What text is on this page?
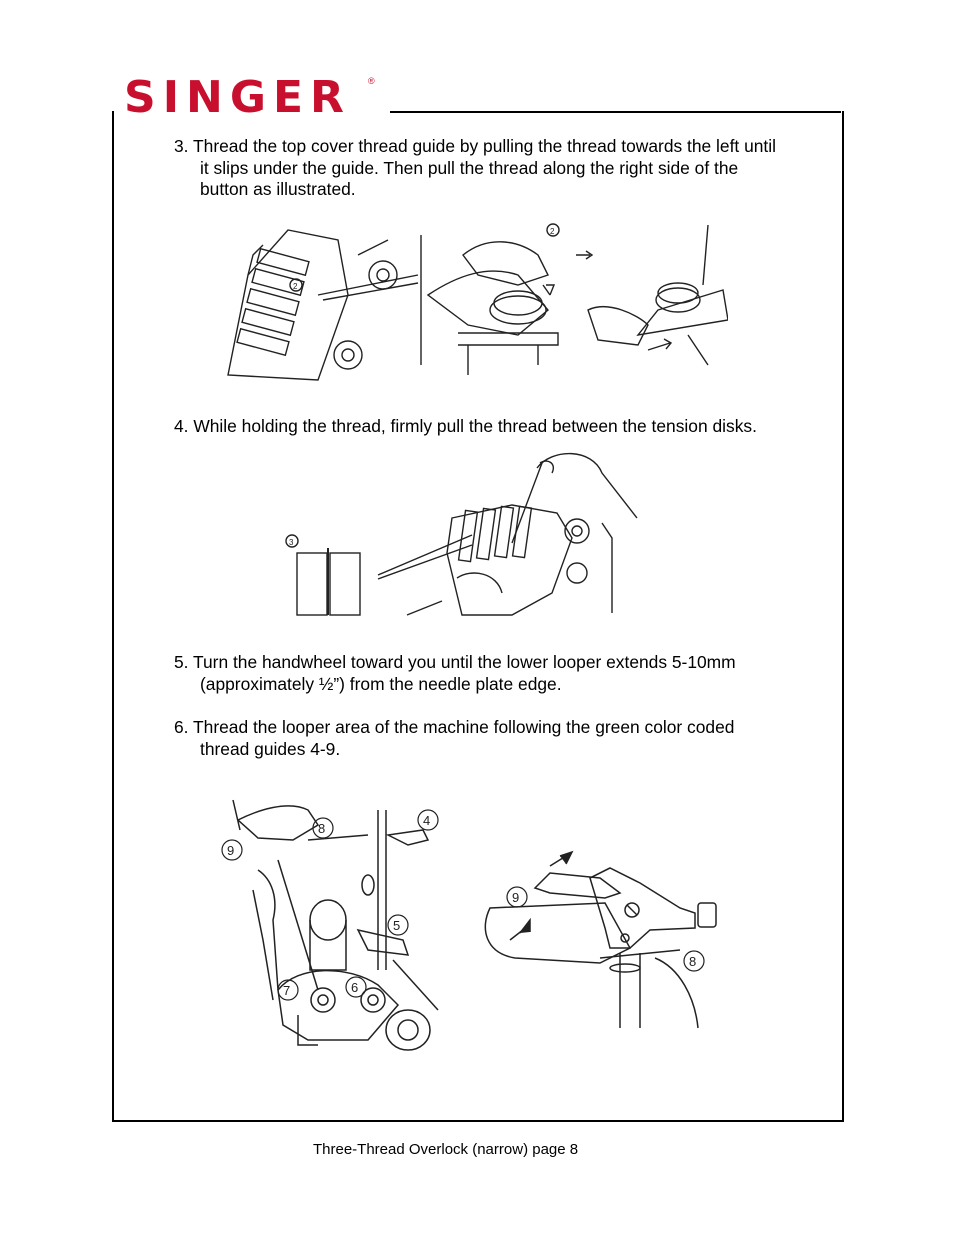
SINGER ®
3. Thread the top cover thread guide by pulling the thread towards the left until
it slips under the guide. Then pull the thread along the right side of the
button as illustrated.
2
2
4. While holding the thread, firmly pull the thread between the tension disks.
3
5. Turn the handwheel toward you until the lower looper extends 5-10mm
(approximately ½”) from the needle plate edge.
6. Thread the looper area of the machine following the green color coded
thread guides 4-9.
9
8
4
5
6
7
9
8
Three-Thread Overlock (narrow) page 8
